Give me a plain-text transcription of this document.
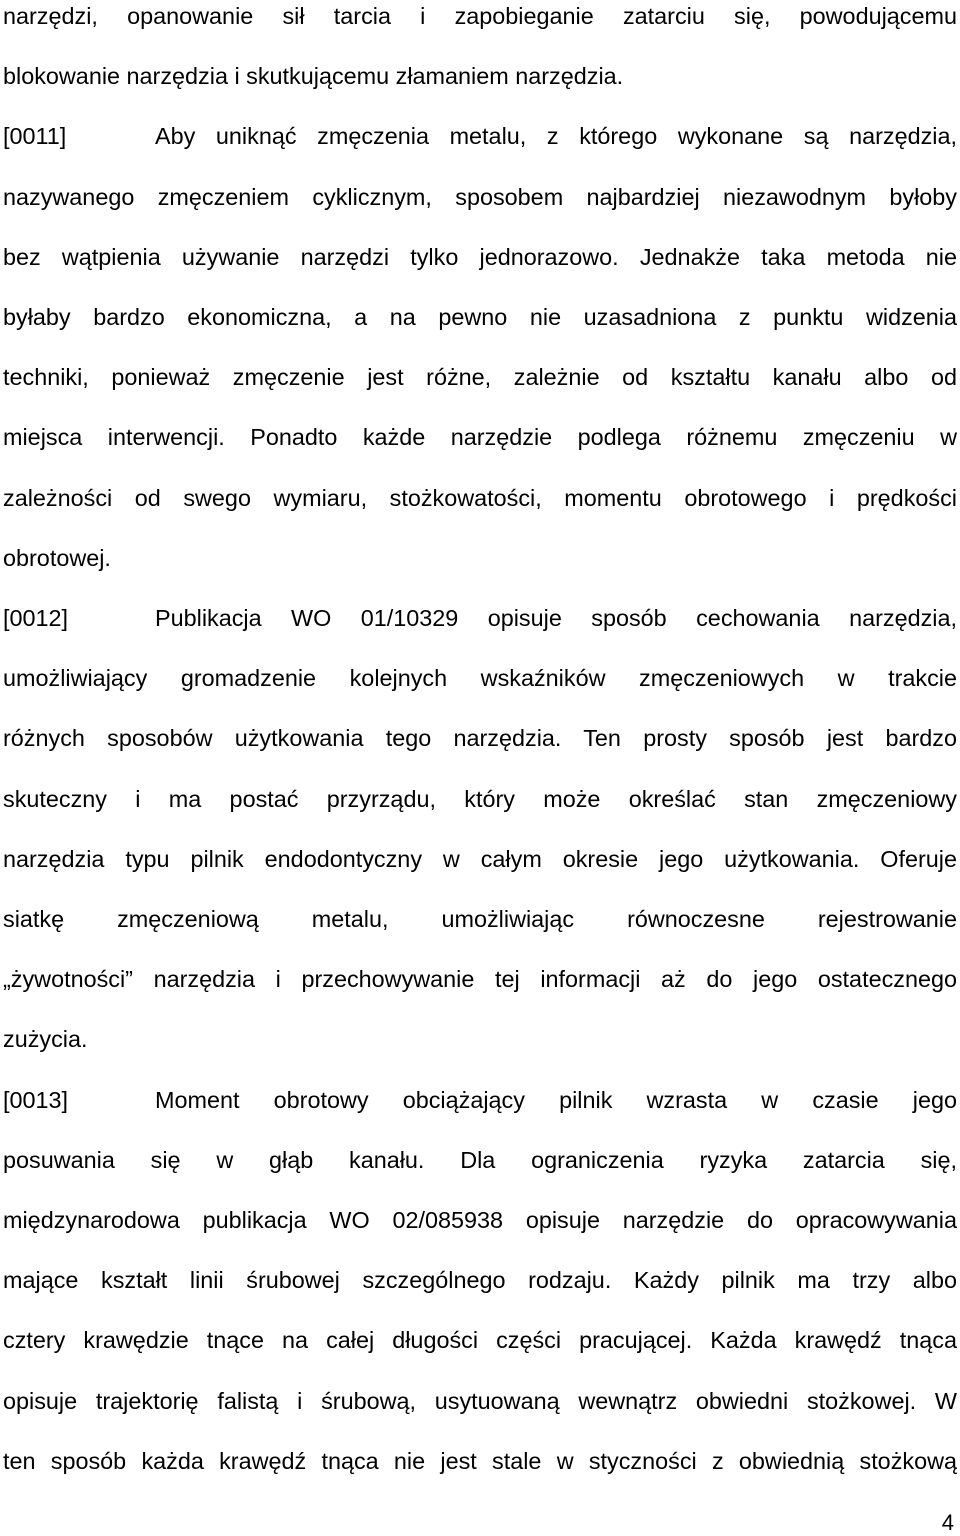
narzędzi, opanowanie sił tarcia i zapobieganie zatarciu się, powodującemu
blokowanie narzędzia i skutkującemu złamaniem narzędzia.
[0011]	Aby uniknąć zmęczenia metalu, z którego wykonane są narzędzia,
nazywanego zmęczeniem cyklicznym, sposobem najbardziej niezawodnym byłoby
bez wątpienia używanie narzędzi tylko jednorazowo. Jednakże taka metoda nie
byłaby bardzo ekonomiczna, a na pewno nie uzasadniona z punktu widzenia
techniki, ponieważ zmęczenie jest różne, zależnie od kształtu kanału albo od
miejsca interwencji. Ponadto każde narzędzie podlega różnemu zmęczeniu w
zależności od swego wymiaru, stożkowatości, momentu obrotowego i prędkości
obrotowej.
[0012]	Publikacja WO 01/10329 opisuje sposób cechowania narzędzia,
umożliwiający gromadzenie kolejnych wskaźników zmęczeniowych w trakcie
różnych sposobów użytkowania tego narzędzia. Ten prosty sposób jest bardzo
skuteczny i ma postać przyrządu, który może określać stan zmęczeniowy
narzędzia typu pilnik endodontyczny w całym okresie jego użytkowania. Oferuje
siatkę zmęczeniową metalu, umożliwiając równoczesne rejestrowanie
„żywotności” narzędzia i przechowywanie tej informacji aż do jego ostatecznego
zużycia.
[0013]	Moment obrotowy obciążający pilnik wzrasta w czasie jego
posuwania się w głąb kanału. Dla ograniczenia ryzyka zatarcia się,
międzynarodowa publikacja WO 02/085938 opisuje narzędzie do opracowywania
mające kształt linii śrubowej szczególnego rodzaju. Każdy pilnik ma trzy albo
cztery krawędzie tnące na całej długości części pracującej. Każda krawędź tnąca
opisuje trajektorię falistą i śrubową, usytuowaną wewnątrz obwiedni stożkowej. W
ten sposób każda krawędź tnąca nie jest stale w styczności z obwiednią stożkową
4
